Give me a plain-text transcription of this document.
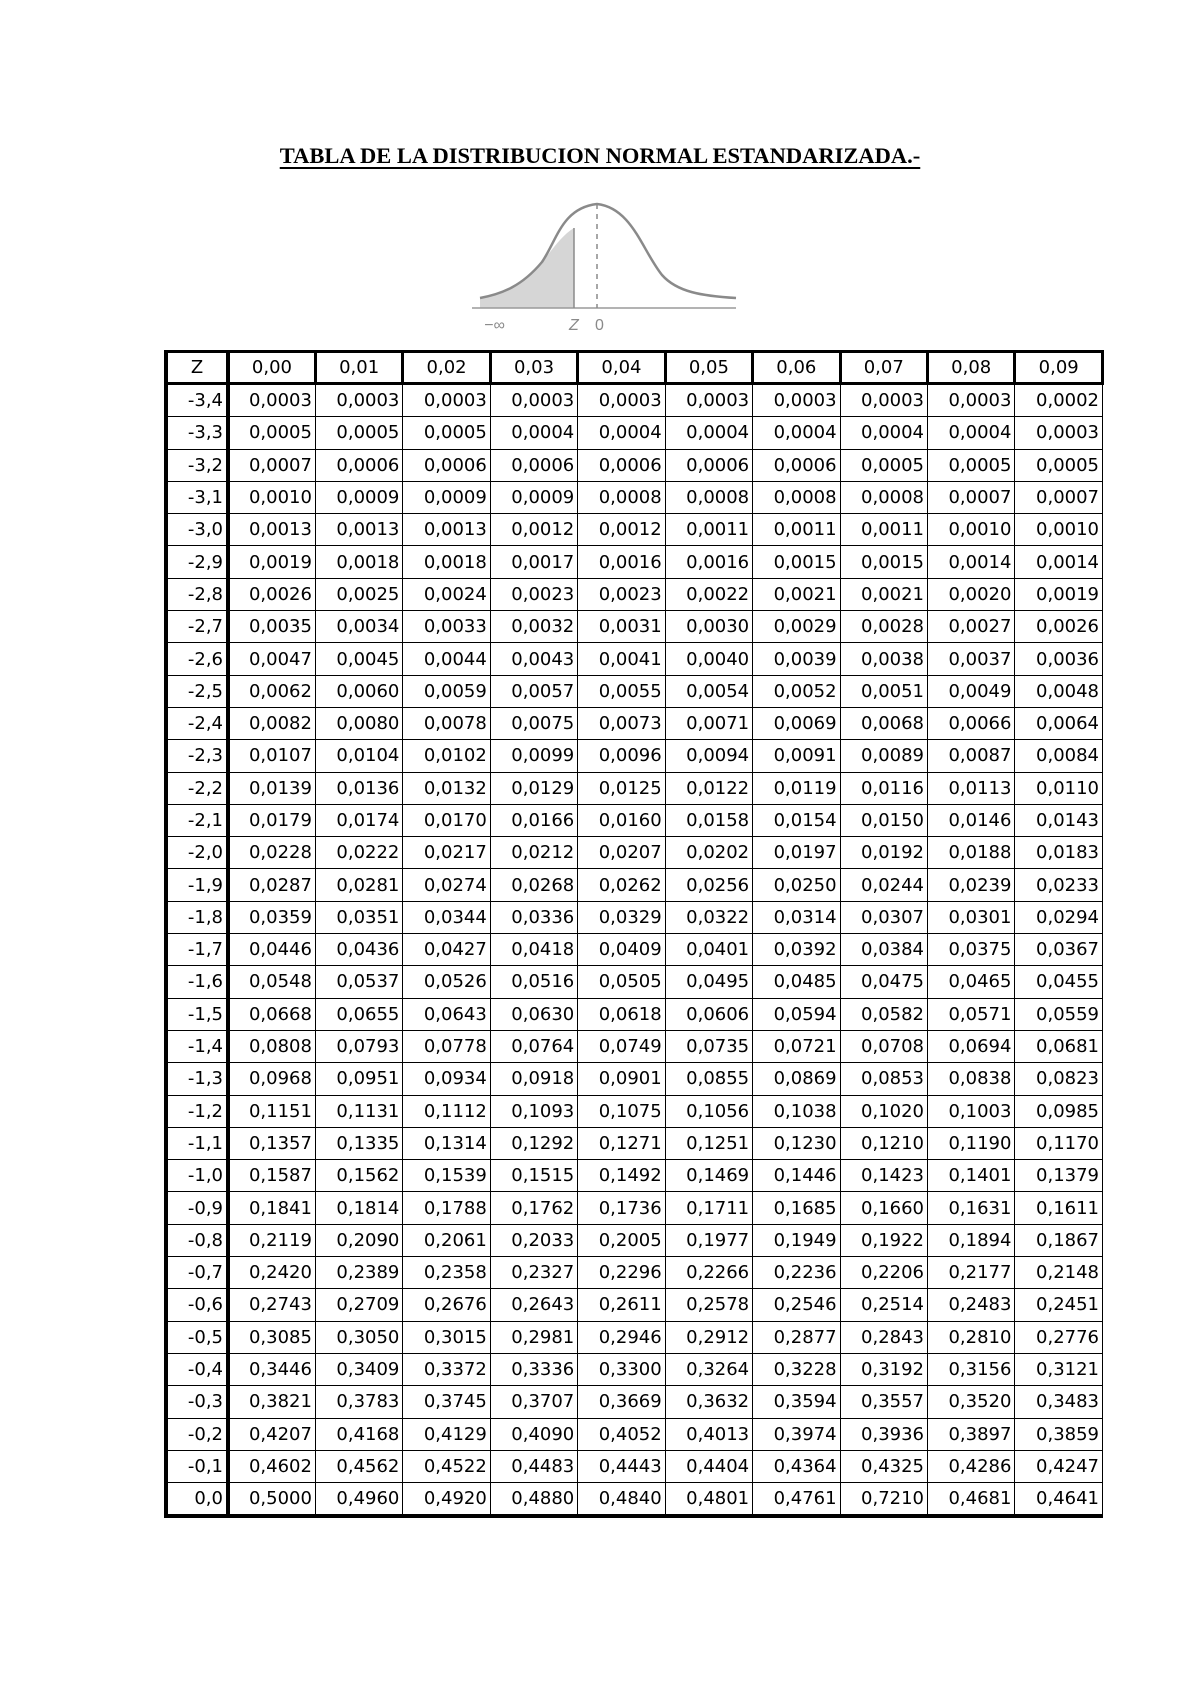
TABLA DE LA DISTRIBUCION NORMAL ESTANDARIZADA.-
−∞	Z 0
Z	0,00	0,01	0,02	0,03	0,04	0,05	0,06	0,07	0,08	0,09
-3,4	0,0003	0,0003	0,0003	0,0003	0,0003	0,0003	0,0003	0,0003	0,0003	0,0002
-3,3	0,0005	0,0005	0,0005	0,0004	0,0004	0,0004	0,0004	0,0004	0,0004	0,0003
-3,2	0,0007	0,0006	0,0006	0,0006	0,0006	0,0006	0,0006	0,0005	0,0005	0,0005
-3,1	0,0010	0,0009	0,0009	0,0009	0,0008	0,0008	0,0008	0,0008	0,0007	0,0007
-3,0	0,0013	0,0013	0,0013	0,0012	0,0012	0,0011	0,0011	0,0011	0,0010	0,0010
-2,9	0,0019	0,0018	0,0018	0,0017	0,0016	0,0016	0,0015	0,0015	0,0014	0,0014
-2,8	0,0026	0,0025	0,0024	0,0023	0,0023	0,0022	0,0021	0,0021	0,0020	0,0019
-2,7	0,0035	0,0034	0,0033	0,0032	0,0031	0,0030	0,0029	0,0028	0,0027	0,0026
-2,6	0,0047	0,0045	0,0044	0,0043	0,0041	0,0040	0,0039	0,0038	0,0037	0,0036
-2,5	0,0062	0,0060	0,0059	0,0057	0,0055	0,0054	0,0052	0,0051	0,0049	0,0048
-2,4	0,0082	0,0080	0,0078	0,0075	0,0073	0,0071	0,0069	0,0068	0,0066	0,0064
-2,3	0,0107	0,0104	0,0102	0,0099	0,0096	0,0094	0,0091	0,0089	0,0087	0,0084
-2,2	0,0139	0,0136	0,0132	0,0129	0,0125	0,0122	0,0119	0,0116	0,0113	0,0110
-2,1	0,0179	0,0174	0,0170	0,0166	0,0160	0,0158	0,0154	0,0150	0,0146	0,0143
-2,0	0,0228	0,0222	0,0217	0,0212	0,0207	0,0202	0,0197	0,0192	0,0188	0,0183
-1,9	0,0287	0,0281	0,0274	0,0268	0,0262	0,0256	0,0250	0,0244	0,0239	0,0233
-1,8	0,0359	0,0351	0,0344	0,0336	0,0329	0,0322	0,0314	0,0307	0,0301	0,0294
-1,7	0,0446	0,0436	0,0427	0,0418	0,0409	0,0401	0,0392	0,0384	0,0375	0,0367
-1,6	0,0548	0,0537	0,0526	0,0516	0,0505	0,0495	0,0485	0,0475	0,0465	0,0455
-1,5	0,0668	0,0655	0,0643	0,0630	0,0618	0,0606	0,0594	0,0582	0,0571	0,0559
-1,4	0,0808	0,0793	0,0778	0,0764	0,0749	0,0735	0,0721	0,0708	0,0694	0,0681
-1,3	0,0968	0,0951	0,0934	0,0918	0,0901	0,0855	0,0869	0,0853	0,0838	0,0823
-1,2	0,1151	0,1131	0,1112	0,1093	0,1075	0,1056	0,1038	0,1020	0,1003	0,0985
-1,1	0,1357	0,1335	0,1314	0,1292	0,1271	0,1251	0,1230	0,1210	0,1190	0,1170
-1,0	0,1587	0,1562	0,1539	0,1515	0,1492	0,1469	0,1446	0,1423	0,1401	0,1379
-0,9	0,1841	0,1814	0,1788	0,1762	0,1736	0,1711	0,1685	0,1660	0,1631	0,1611
-0,8	0,2119	0,2090	0,2061	0,2033	0,2005	0,1977	0,1949	0,1922	0,1894	0,1867
-0,7	0,2420	0,2389	0,2358	0,2327	0,2296	0,2266	0,2236	0,2206	0,2177	0,2148
-0,6	0,2743	0,2709	0,2676	0,2643	0,2611	0,2578	0,2546	0,2514	0,2483	0,2451
-0,5	0,3085	0,3050	0,3015	0,2981	0,2946	0,2912	0,2877	0,2843	0,2810	0,2776
-0,4	0,3446	0,3409	0,3372	0,3336	0,3300	0,3264	0,3228	0,3192	0,3156	0,3121
-0,3	0,3821	0,3783	0,3745	0,3707	0,3669	0,3632	0,3594	0,3557	0,3520	0,3483
-0,2	0,4207	0,4168	0,4129	0,4090	0,4052	0,4013	0,3974	0,3936	0,3897	0,3859
-0,1	0,4602	0,4562	0,4522	0,4483	0,4443	0,4404	0,4364	0,4325	0,4286	0,4247
0,0	0,5000	0,4960	0,4920	0,4880	0,4840	0,4801	0,4761	0,7210	0,4681	0,4641
